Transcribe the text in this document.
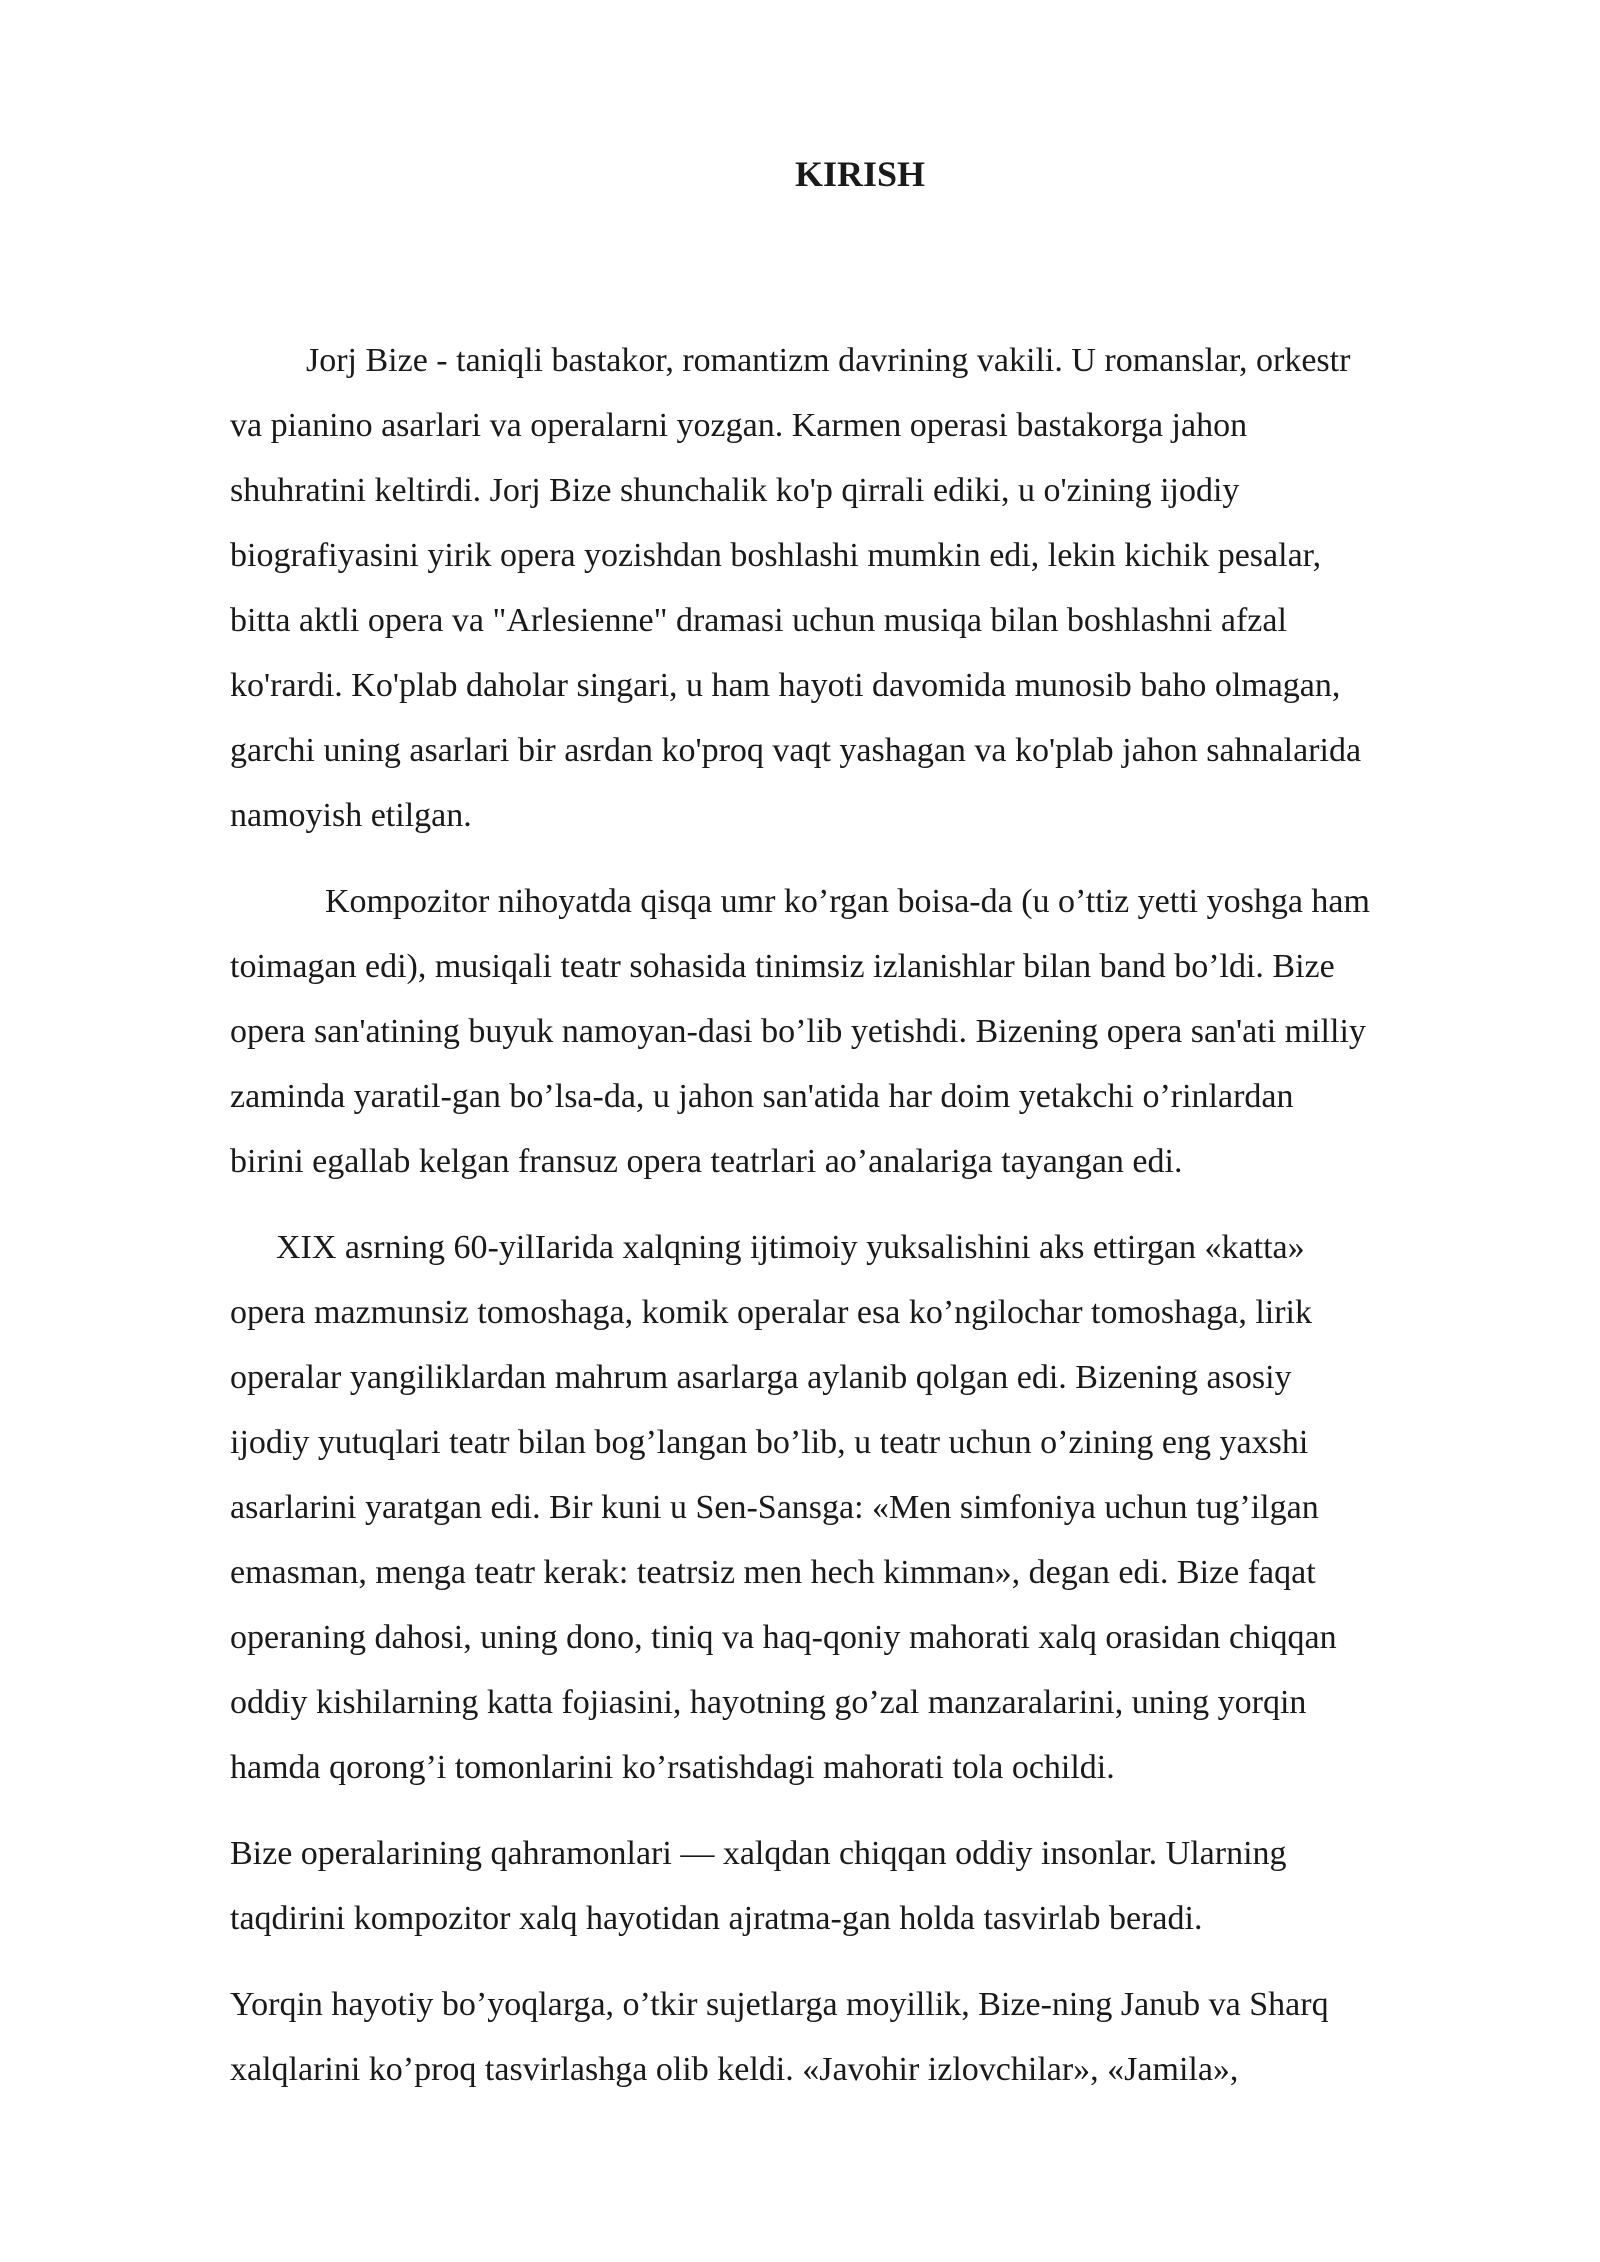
KIRISH

Jorj Bize - taniqli bastakor, romantizm davrining vakili. U romanslar, orkestr
va pianino asarlari va operalarni yozgan. Karmen operasi bastakorga jahon
shuhratini keltirdi. Jorj Bize shunchalik ko'p qirrali ediki, u o'zining ijodiy
biografiyasini yirik opera yozishdan boshlashi mumkin edi, lekin kichik pesalar,
bitta aktli opera va "Arlesienne" dramasi uchun musiqa bilan boshlashni afzal
ko'rardi. Ko'plab daholar singari, u ham hayoti davomida munosib baho olmagan,
garchi uning asarlari bir asrdan ko'proq vaqt yashagan va ko'plab jahon sahnalarida
namoyish etilgan.

Kompozitor nihoyatda qisqa umr ko’rgan boisa-da (u o’ttiz yetti yoshga ham
toimagan edi), musiqali teatr sohasida tinimsiz izlanishlar bilan band bo’ldi. Bize
opera san'atining buyuk namoyan-dasi bo’lib yetishdi. Bizening opera san'ati milliy
zaminda yaratil-gan bo’lsa-da, u jahon san'atida har doim yetakchi o’rinlardan
birini egallab kelgan fransuz opera teatrlari ao’analariga tayangan edi.

XIX asrning 60-yilIarida xalqning ijtimoiy yuksalishini aks ettirgan «katta»
opera mazmunsiz tomoshaga, komik operalar esa ko’ngilochar tomoshaga, lirik
operalar yangiliklardan mahrum asarlarga aylanib qolgan edi. Bizening asosiy
ijodiy yutuqlari teatr bilan bog’langan bo’lib, u teatr uchun o’zining eng yaxshi
asarlarini yaratgan edi. Bir kuni u Sen-Sansga: «Men simfoniya uchun tug’ilgan
emasman, menga teatr kerak: teatrsiz men hech kimman», degan edi. Bize faqat
operaning dahosi, uning dono, tiniq va haq-qoniy mahorati xalq orasidan chiqqan
oddiy kishilarning katta fojiasini, hayotning go’zal manzaralarini, uning yorqin
hamda qorong’i tomonlarini ko’rsatishdagi mahorati tola ochildi.

Bize operalarining qahramonlari — xalqdan chiqqan oddiy insonlar. Ularning
taqdirini kompozitor xalq hayotidan ajratma-gan holda tasvirlab beradi.

Yorqin hayotiy bo’yoqlarga, o’tkir sujetlarga moyillik, Bize-ning Janub va Sharq
xalqlarini ko’proq tasvirlashga olib keldi. «Javohir izlovchilar», «Jamila»,
